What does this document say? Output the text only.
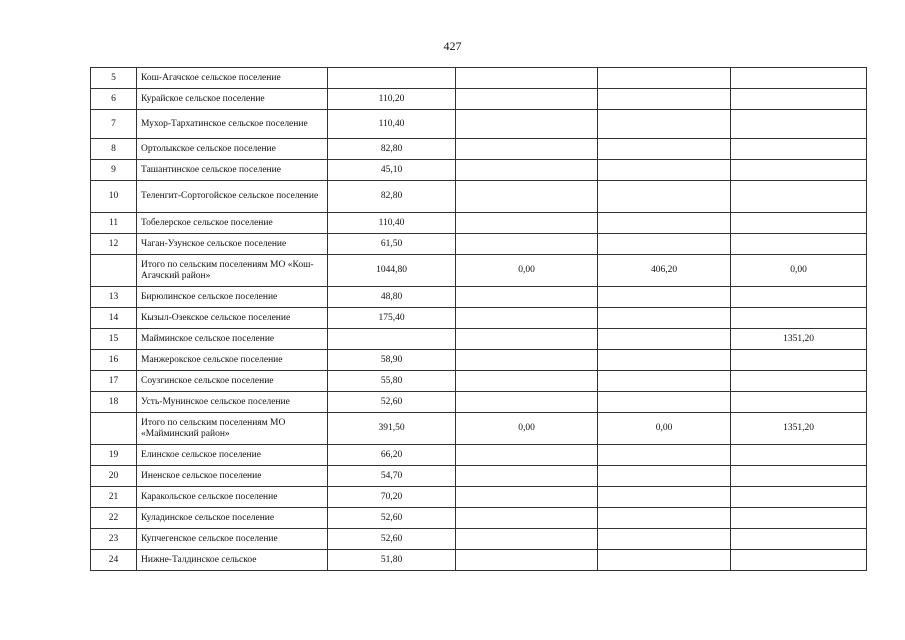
427
5	Кош-Агачское сельское поселение				
6	Курайское сельское поселение	110,20			
7	Мухор-Тархатинское сельское поселение	110,40			
8	Ортолыкское сельское поселение	82,80			
9	Ташантинское сельское поселение	45,10			
10	Теленгит-Сортогойское сельское поселение	82,80			
11	Тобелерское сельское поселение	110,40			
12	Чаган-Узунское сельское поселение	61,50			
	Итого по сельским поселениям МО «Кош-Агачский район»	1044,80	0,00	406,20	0,00
13	Бирюлинское сельское поселение	48,80			
14	Кызыл-Озекское сельское поселение	175,40			
15	Майминское сельское поселение				1351,20
16	Манжерокское сельское поселение	58,90			
17	Соузгинское сельское поселение	55,80			
18	Усть-Мунинское сельское поселение	52,60			
	Итого по сельским поселениям МО «Майминский район»	391,50	0,00	0,00	1351,20
19	Елинское сельское поселение	66,20			
20	Иненское сельское поселение	54,70			
21	Каракольское сельское поселение	70,20			
22	Куладинское сельское поселение	52,60			
23	Купчегенское сельское поселение	52,60			
24	Нижне-Талдинское сельское	51,80			
